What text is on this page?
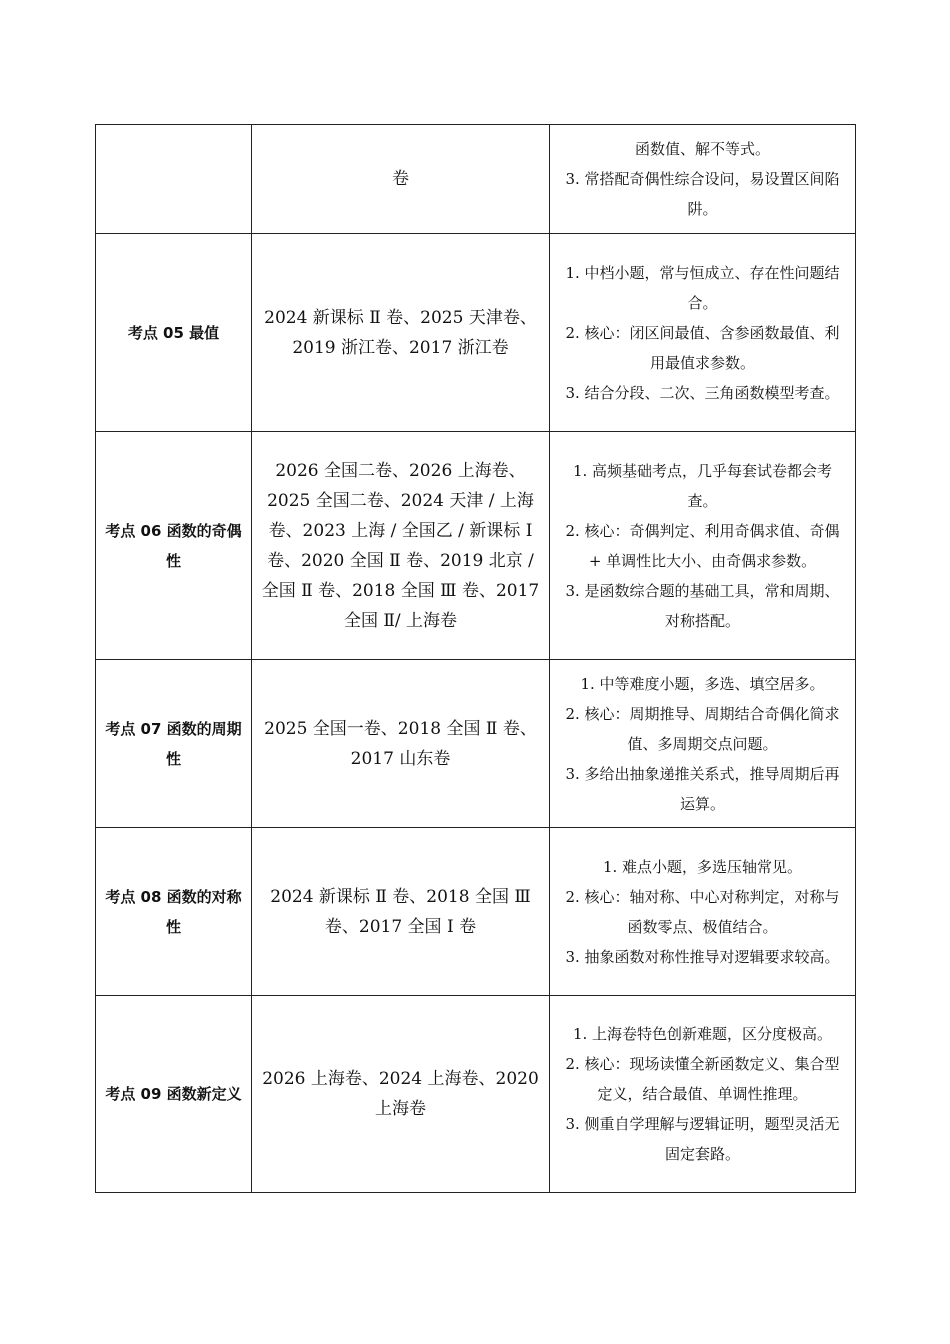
	卷	函数值、解不等式。
3. 常搭配奇偶性综合设问，易设置区间陷阱。

考点 05 最值	2024 新课标 Ⅱ 卷、2025 天津卷、2019 浙江卷、2017 浙江卷	1. 中档小题，常与恒成立、存在性问题结合。
2. 核心：闭区间最值、含参函数最值、利用最值求参数。
3. 结合分段、二次、三角函数模型考查。

考点 06 函数的奇偶性	2026 全国二卷、2026 上海卷、2025 全国二卷、2024 天津 / 上海卷、2023 上海 / 全国乙 / 新课标 Ⅰ 卷、2020 全国 Ⅱ 卷、2019 北京 / 全国 Ⅱ 卷、2018 全国 Ⅲ 卷、2017 全国 Ⅱ/ 上海卷	1. 高频基础考点，几乎每套试卷都会考查。
2. 核心：奇偶判定、利用奇偶求值、奇偶 + 单调性比大小、由奇偶求参数。
3. 是函数综合题的基础工具，常和周期、对称搭配。

考点 07 函数的周期性	2025 全国一卷、2018 全国 Ⅱ 卷、2017 山东卷	1. 中等难度小题，多选、填空居多。
2. 核心：周期推导、周期结合奇偶化简求值、多周期交点问题。
3. 多给出抽象递推关系式，推导周期后再运算。

考点 08 函数的对称性	2024 新课标 Ⅱ 卷、2018 全国 Ⅲ 卷、2017 全国 Ⅰ 卷	1. 难点小题，多选压轴常见。
2. 核心：轴对称、中心对称判定，对称与函数零点、极值结合。
3. 抽象函数对称性推导对逻辑要求较高。

考点 09 函数新定义	2026 上海卷、2024 上海卷、2020 上海卷	1. 上海卷特色创新难题，区分度极高。
2. 核心：现场读懂全新函数定义、集合型定义，结合最值、单调性推理。
3. 侧重自学理解与逻辑证明，题型灵活无固定套路。
